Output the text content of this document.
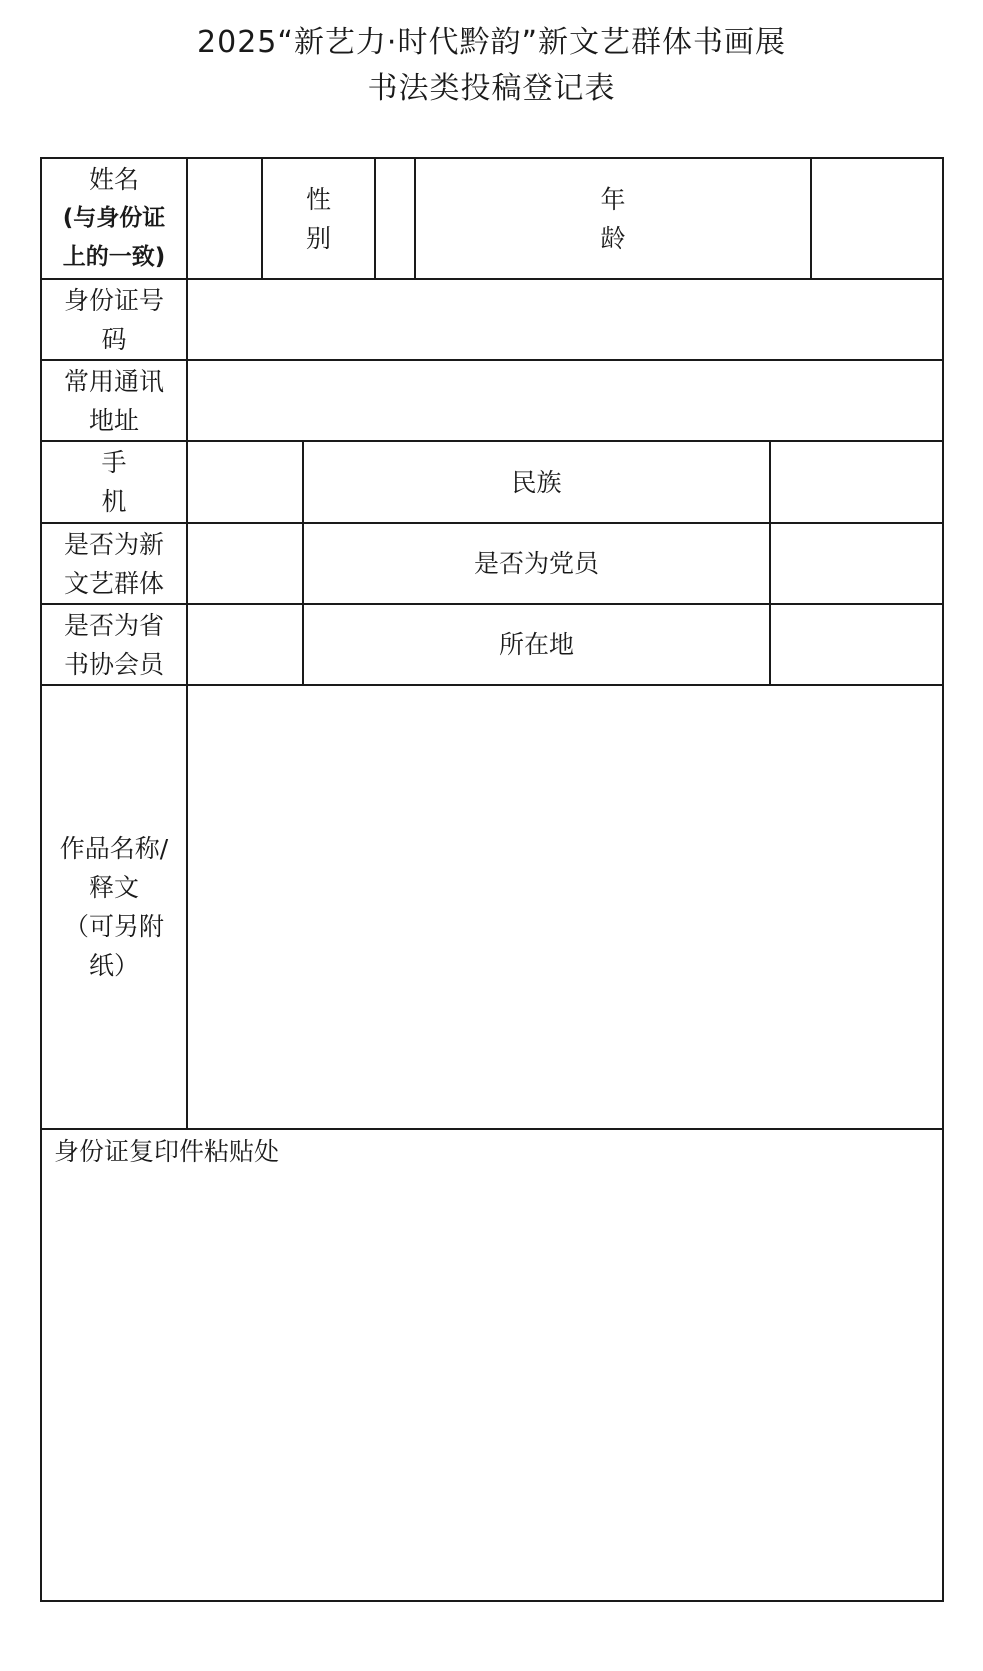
2025“新艺力·时代黔韵”新文艺群体书画展
书法类投稿登记表
姓名
(与身份证
上的一致)
性
别
年
龄
身份证号
码
常用通讯
地址
手
机
民族
是否为新
文艺群体
是否为党员
是否为省
书协会员
所在地
作品名称/
释文
（可另附
纸）
身份证复印件粘贴处
